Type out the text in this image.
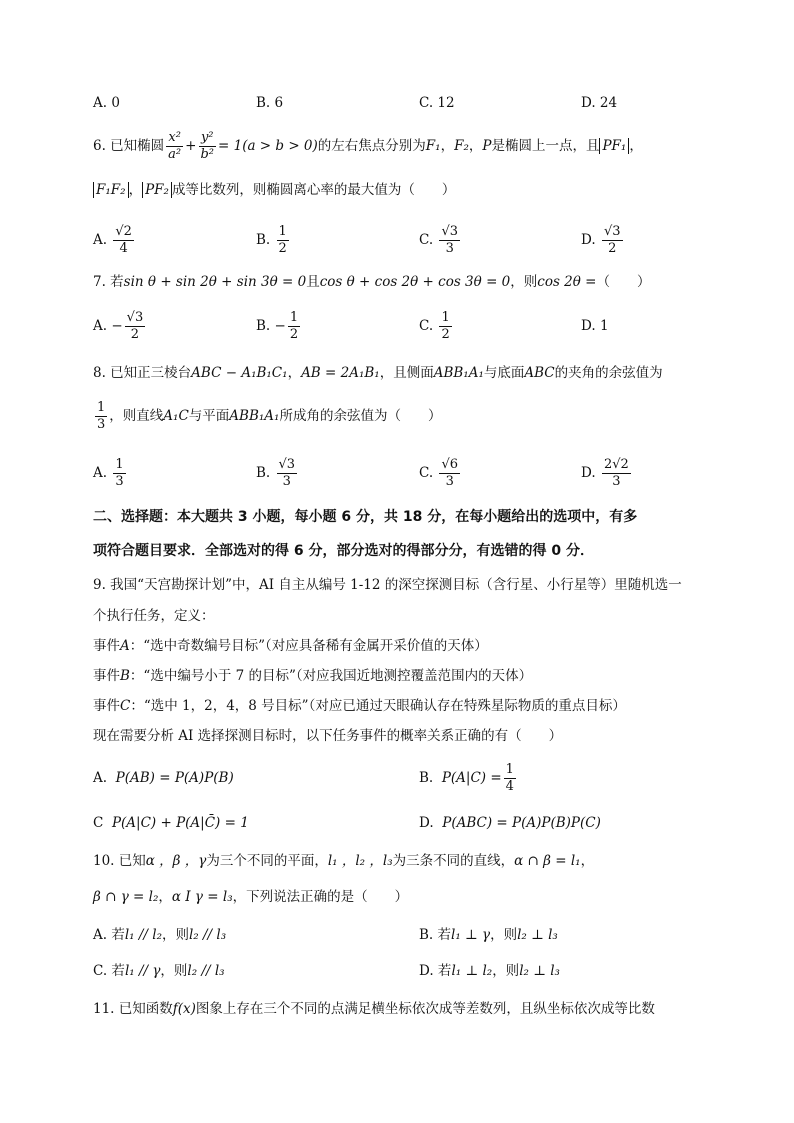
A. 0	B. 6	C. 12	D. 24
6. 已知椭圆 $\frac{\text{x²}}{\text{a²}} + \frac{\text{y²}}{\text{b²}} = 1(a > b > 0)$的左右焦点分别为F₁，F₂，P是椭圆上一点，且 PF₁ ，
F₁F₂ ， PF₂ 成等比数列，则椭圆离心率的最大值为（　　）
A. $\frac{√2}{4}$	B. $\frac{1}{2}$	C. $\frac{√3}{3}$	D. $\frac{√3}{2}$
7. 若sin θ + sin 2θ + sin 3θ = 0且cos θ + cos 2θ + cos 3θ = 0，则cos 2θ =（　　）
A. − $\frac{√3}{2}$	B. − $\frac{1}{2}$	C. $\frac{1}{2}$	D. 1
8. 已知正三棱台ABC − A₁B₁C₁，AB = 2A₁B₁，且侧面ABB₁A₁与底面ABC的夹角的余弦值为
$\frac{1}{3}$ ，则直线A₁C与平面ABB₁A₁所成角的余弦值为（　　）
A. $\frac{1}{3}$	B. $\frac{√3}{3}$	C. $\frac{√6}{3}$	D. $\frac{2√2}{3}$
二、选择题：本大题共 3 小题，每小题 6 分，共 18 分，在每小题给出的选项中，有多
项符合题目要求．全部选对的得 6 分，部分选对的得部分分，有选错的得 0 分．
9. 我国“天宫勘探计划”中，AI 自主从编号 1-12 的深空探测目标（含行星、小行星等）里随机选一
个执行任务，定义：
事件A：“选中奇数编号目标”（对应具备稀有金属开采价值的天体）
事件B：“选中编号小于 7 的目标”（对应我国近地测控覆盖范围内的天体）
事件C：“选中 1，2，4，8 号目标”（对应已通过天眼确认存在特殊星际物质的重点目标）
现在需要分析 AI 选择探测目标时，以下任务事件的概率关系正确的有（　　）
A. P(AB) = P(A)P(B)	B. $P(A|C) = \frac{1}{4}$
C P(A|C) + P(A|C̄) = 1	D. P(ABC) = P(A)P(B)P(C)
10. 已知α ，β ，γ为三个不同的平面，l₁ ，l₂ ，l₃为三条不同的直线，α ∩ β = l₁，
β ∩ γ = l₂，α I γ = l₃，下列说法正确的是（　　）
A. 若l₁ // l₂，则l₂ // l₃	B. 若l₁ ⊥ γ，则l₂ ⊥ l₃
C. 若l₁ // γ，则l₂ // l₃	D. 若l₁ ⊥ l₂，则l₂ ⊥ l₃
11. 已知函数f(x)图象上存在三个不同的点满足横坐标依次成等差数列，且纵坐标依次成等比数
